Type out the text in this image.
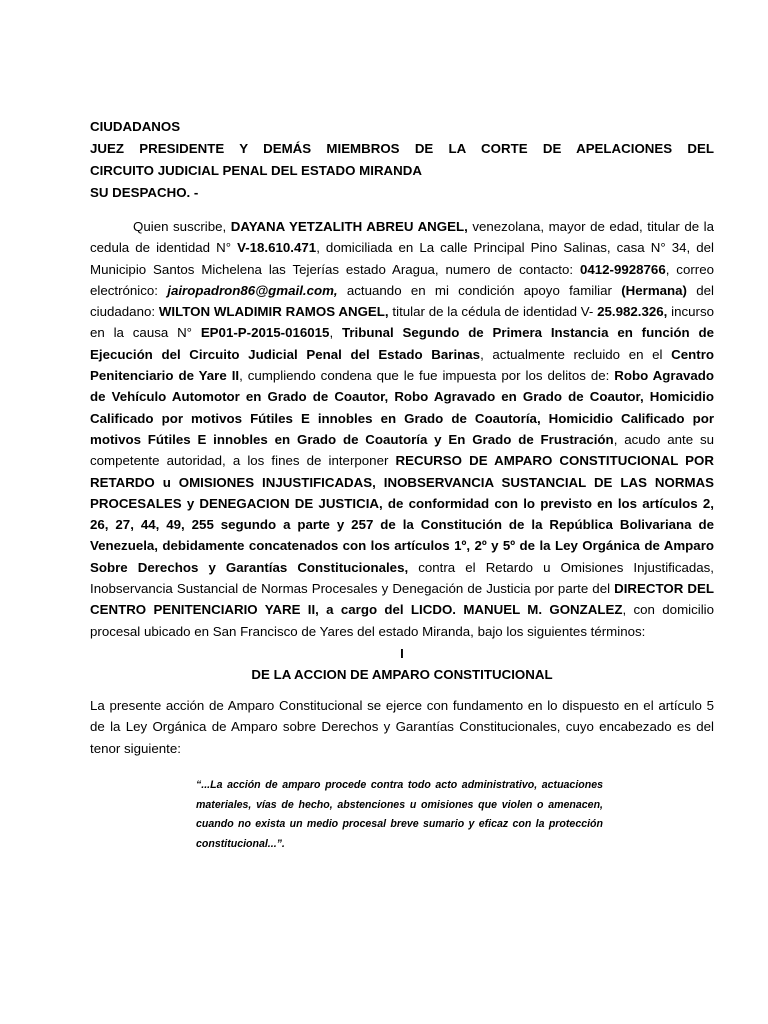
CIUDADANOS
JUEZ PRESIDENTE Y DEMÁS MIEMBROS DE LA CORTE DE APELACIONES DEL
CIRCUITO JUDICIAL PENAL DEL ESTADO MIRANDA
SU DESPACHO. -

Quien suscribe, DAYANA YETZALITH ABREU ANGEL, venezolana, mayor de edad, titular de la cedula de identidad N° V-18.610.471, domiciliada en La calle Principal Pino Salinas, casa N° 34, del Municipio Santos Michelena las Tejerías estado Aragua, numero de contacto: 0412-9928766, correo electrónico: jairopadron86@gmail.com, actuando en mi condición apoyo familiar (Hermana) del ciudadano: WILTON WLADIMIR RAMOS ANGEL, titular de la cédula de identidad V- 25.982.326, incurso en la causa N° EP01-P-2015-016015, Tribunal Segundo de Primera Instancia en función de Ejecución del Circuito Judicial Penal del Estado Barinas, actualmente recluido en el Centro Penitenciario de Yare II, cumpliendo condena que le fue impuesta por los delitos de: Robo Agravado de Vehículo Automotor en Grado de Coautor, Robo Agravado en Grado de Coautor, Homicidio Calificado por motivos Fútiles E innobles en Grado de Coautoría, Homicidio Calificado por motivos Fútiles E innobles en Grado de Coautoría y En Grado de Frustración, acudo ante su competente autoridad, a los fines de interponer RECURSO DE AMPARO CONSTITUCIONAL POR RETARDO u OMISIONES INJUSTIFICADAS, INOBSERVANCIA SUSTANCIAL DE LAS NORMAS PROCESALES y DENEGACION DE JUSTICIA, de conformidad con lo previsto en los artículos 2, 26, 27, 44, 49, 255 segundo a parte y 257 de la Constitución de la República Bolivariana de Venezuela, debidamente concatenados con los artículos 1º, 2º y 5º de la Ley Orgánica de Amparo Sobre Derechos y Garantías Constitucionales, contra el Retardo u Omisiones Injustificadas, Inobservancia Sustancial de Normas Procesales y Denegación de Justicia por parte del DIRECTOR DEL CENTRO PENITENCIARIO YARE II, a cargo del LICDO. MANUEL M. GONZALEZ, con domicilio procesal ubicado en San Francisco de Yares del estado Miranda, bajo los siguientes términos:

I
DE LA ACCION DE AMPARO CONSTITUCIONAL

La presente acción de Amparo Constitucional se ejerce con fundamento en lo dispuesto en el artículo 5 de la Ley Orgánica de Amparo sobre Derechos y Garantías Constitucionales, cuyo encabezado es del tenor siguiente:

“...La acción de amparo procede contra todo acto administrativo, actuaciones materiales, vías de hecho, abstenciones u omisiones que violen o amenacen, cuando no exista un medio procesal breve sumario y eficaz con la protección constitucional...”.
